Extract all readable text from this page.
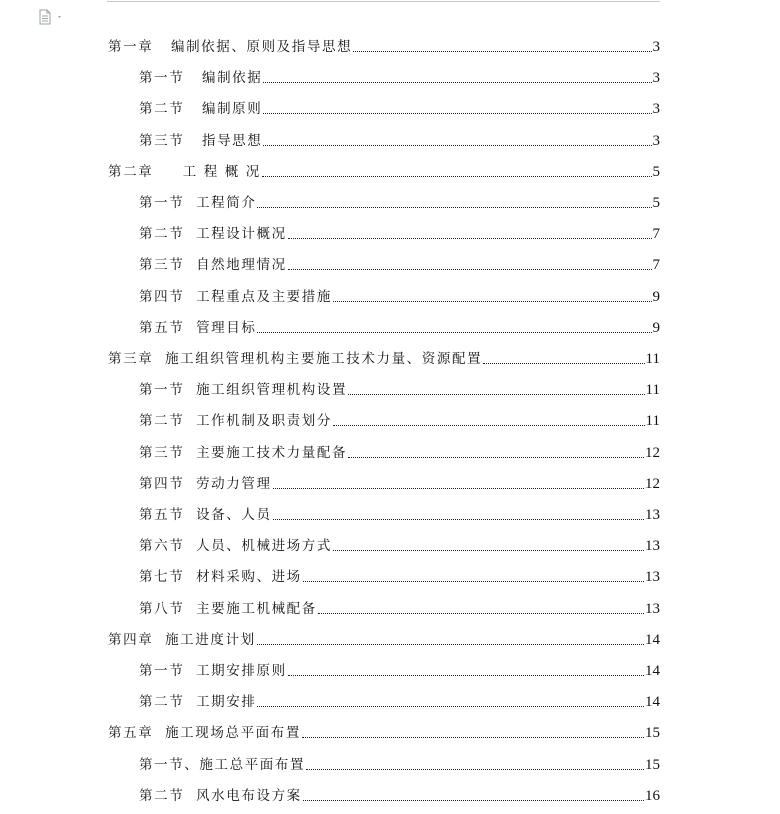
第一章   编制依据、原则及指导思想	3
第一节   编制依据	3
第二节   编制原则	3
第三节   指导思想	3
第二章     工 程 概 况	5
第一节  工程简介	5
第二节  工程设计概况	7
第三节  自然地理情况	7
第四节  工程重点及主要措施	9
第五节  管理目标	9
第三章  施工组织管理机构主要施工技术力量、资源配置	11
第一节  施工组织管理机构设置	11
第二节  工作机制及职责划分	11
第三节  主要施工技术力量配备	12
第四节  劳动力管理	12
第五节  设备、人员	13
第六节  人员、机械进场方式	13
第七节  材料采购、进场	13
第八节  主要施工机械配备	13
第四章  施工进度计划	14
第一节  工期安排原则	14
第二节  工期安排	14
第五章  施工现场总平面布置	15
第一节、施工总平面布置	15
第二节  风水电布设方案	16
